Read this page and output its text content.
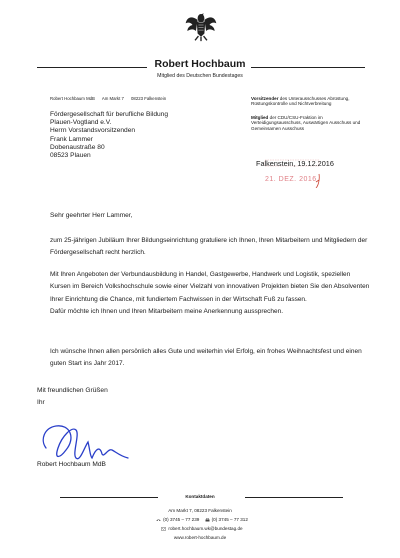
Robert Hochbaum
Mitglied des Deutschen Bundestages
Robert Hochbaum MdB Am Markt 7 08223 Falkenstein	Vorsitzender des Unterausschusses Abrüstung, Rüstungskontrolle und Nichtverbreitung
Mitglied der CDU/CSU-Fraktion im Verteidigungsausschuss, Auswärtigen Ausschuss und Gemeinsamen Ausschuss
Fördergesellschaft für berufliche Bildung
Plauen-Vogtland e.V.
Herrn Vorstandsvorsitzenden
Frank Lammer
Dobenaustraße 80
08523 Plauen
21. DEZ. 2016
Falkenstein, 19.12.2016
Sehr geehrter Herr Lammer,
zum 25-jährigen Jubiläum Ihrer Bildungseinrichtung gratuliere ich Ihnen, Ihren Mitarbeitern und Mitgliedern der Fördergesellschaft recht herzlich.
Mit Ihren Angeboten der Verbundausbildung in Handel, Gastgewerbe, Handwerk und Logistik, speziellen Kursen im Bereich Volkshochschule sowie einer Vielzahl von innovativen Projekten bieten Sie den Absolventen Ihrer Einrichtung die Chance, mit fundiertem Fachwissen in der Wirtschaft Fuß zu fassen.
Dafür möchte ich Ihnen und Ihren Mitarbeitern meine Anerkennung aussprechen.
Ich wünsche Ihnen allen persönlich alles Gute und weiterhin viel Erfolg, ein frohes Weihnachtsfest und einen guten Start ins Jahr 2017.
Mit freundlichen Grüßen
Ihr
Robert Hochbaum MdB
Kontaktdaten
Am Markt 7, 08223 Falkenstein
(0) 3745 – 77 239	(0) 3745 – 77 312
robert.hochbaum.wk@bundestag.de
www.robert-hochbaum.de
